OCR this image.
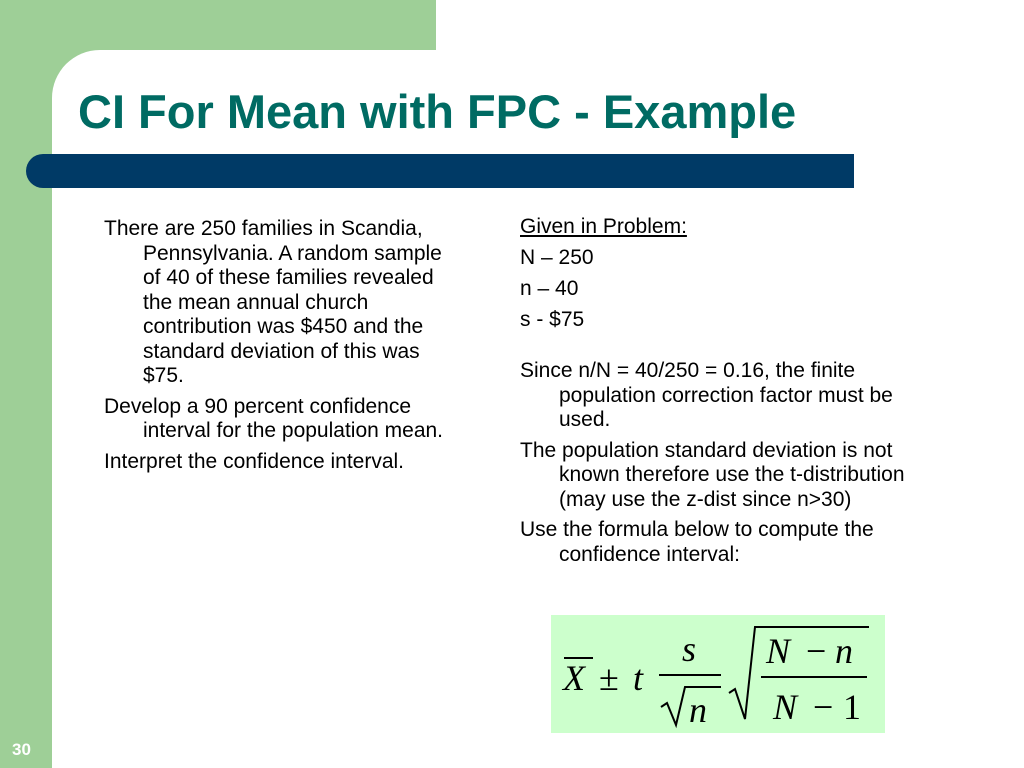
CI For Mean with FPC - Example

There are 250 families in Scandia, Pennsylvania. A random sample of 40 of these families revealed the mean annual church contribution was $450 and the standard deviation of this was $75.

Develop a 90 percent confidence interval for the population mean.

Interpret the confidence interval.

Given in Problem:

N – 250

n – 40

s - $75

Since n/N = 40/250 = 0.16, the finite population correction factor must be used.

The population standard deviation is not known therefore use the t-distribution (may use the z-dist since n>30)

Use the formula below to compute the confidence interval:

X ± t
s
n
N − n
N − 1
30
